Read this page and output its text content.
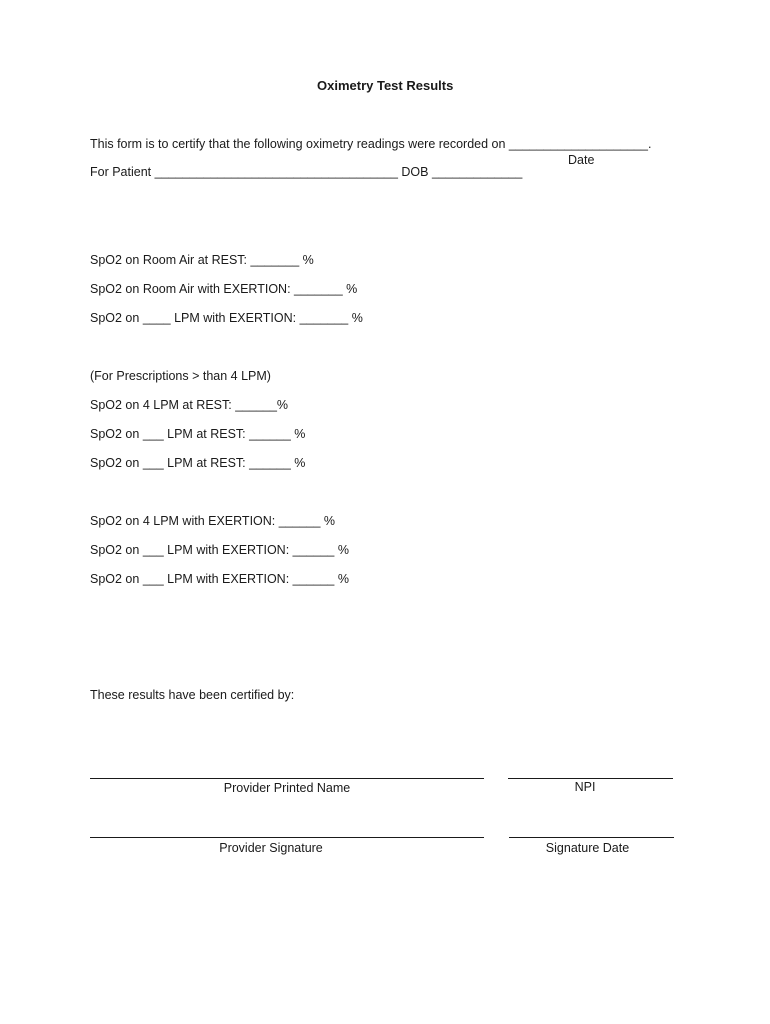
Oximetry Test Results
This form is to certify that the following oximetry readings were recorded on ____________________.
Date
For Patient ___________________________________ DOB _____________
SpO2 on Room Air at REST: _______ %
SpO2 on Room Air with EXERTION: _______ %
SpO2 on ____ LPM with EXERTION: _______ %
(For Prescriptions > than 4 LPM)
SpO2 on 4 LPM at REST: ______%
SpO2 on ___ LPM at REST: ______ %
SpO2 on ___ LPM at REST: ______ %
SpO2 on 4 LPM with EXERTION: ______ %
SpO2 on ___ LPM with EXERTION: ______ %
SpO2 on ___ LPM with EXERTION: ______ %
These results have been certified by:
Provider Printed Name	NPI
Provider Signature	Signature Date
